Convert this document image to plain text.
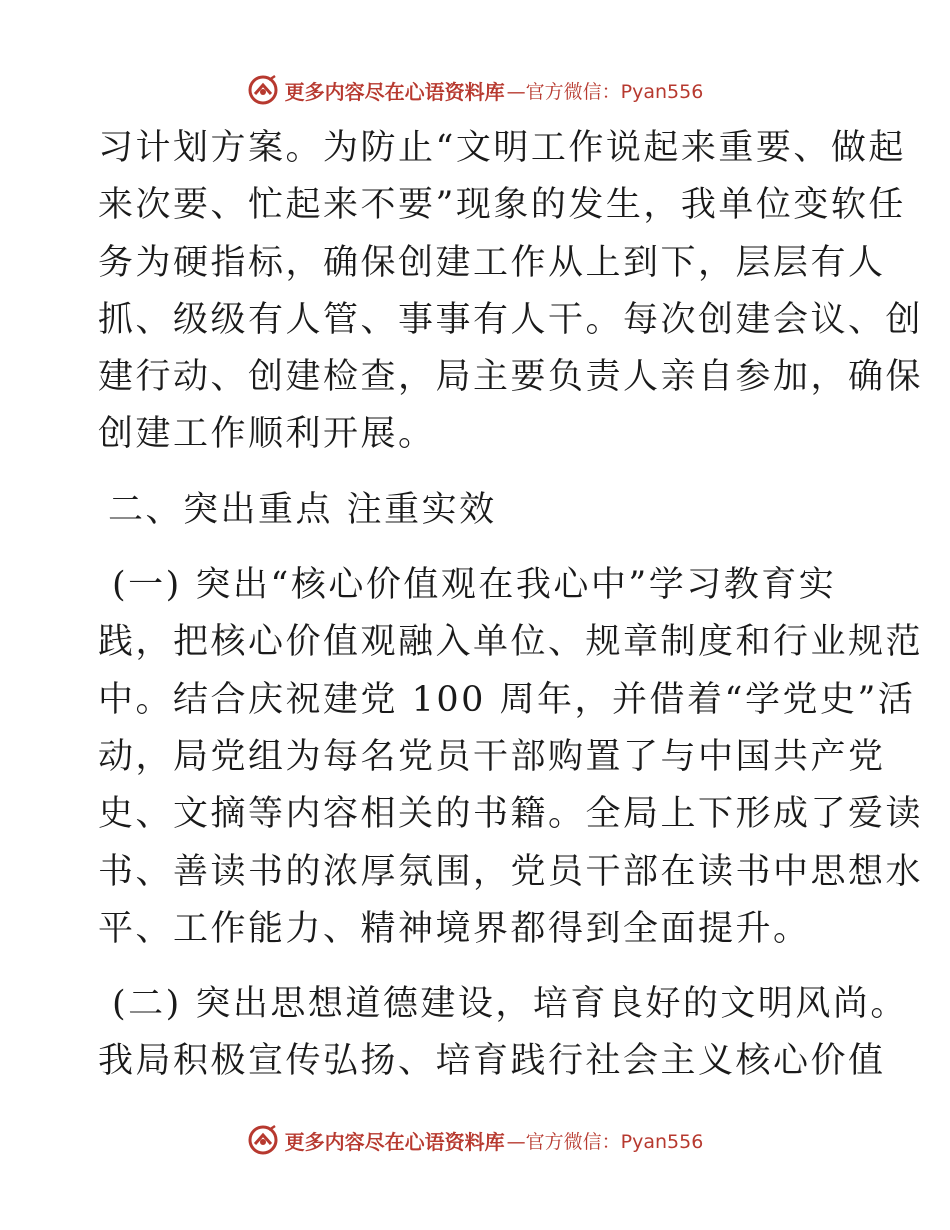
更多内容尽在心语资料库 —官方微信：Pyan556
习计划方案。为防止“文明工作说起来重要、做起
来次要、忙起来不要”现象的发生，我单位变软任
务为硬指标，确保创建工作从上到下，层层有人
抓、级级有人管、事事有人干。每次创建会议、创
建行动、创建检查，局主要负责人亲自参加，确保
创建工作顺利开展。
二、突出重点 注重实效
(一) 突出“核心价值观在我心中”学习教育实
践，把核心价值观融入单位、规章制度和行业规范
中。结合庆祝建党 100 周年，并借着“学党史”活
动，局党组为每名党员干部购置了与中国共产党
史、文摘等内容相关的书籍。全局上下形成了爱读
书、善读书的浓厚氛围，党员干部在读书中思想水
平、工作能力、精神境界都得到全面提升。
(二) 突出思想道德建设，培育良好的文明风尚。
我局积极宣传弘扬、培育践行社会主义核心价值
更多内容尽在心语资料库 —官方微信：Pyan556
